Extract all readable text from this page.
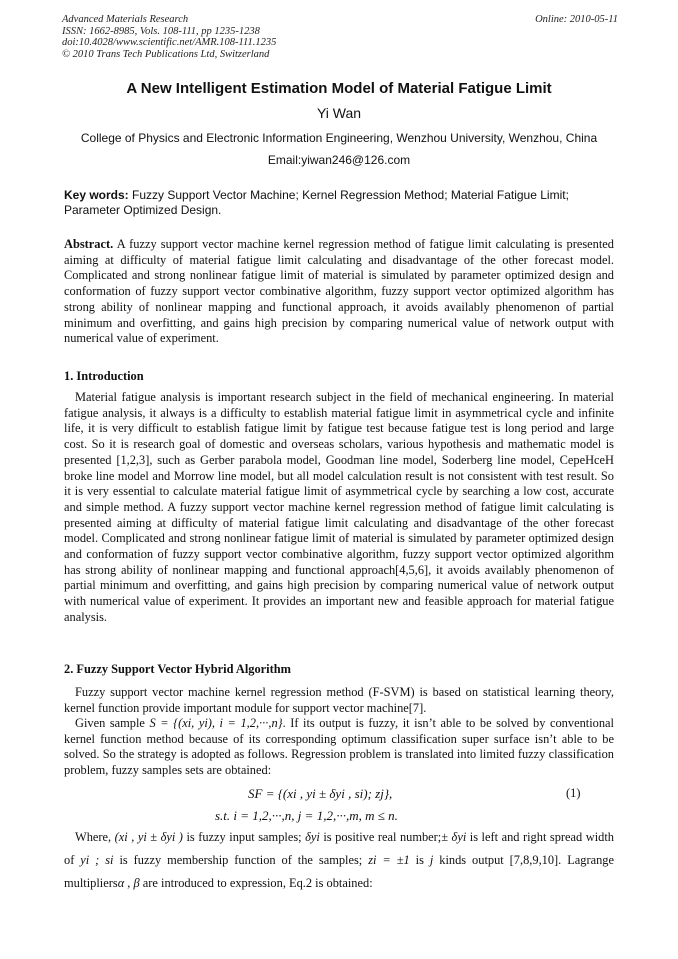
Advanced Materials Research
ISSN: 1662-8985, Vols. 108-111, pp 1235-1238
doi:10.4028/www.scientific.net/AMR.108-111.1235
© 2010 Trans Tech Publications Ltd, Switzerland
Online: 2010-05-11
A New Intelligent Estimation Model of Material Fatigue Limit
Yi Wan
College of Physics and Electronic Information Engineering, Wenzhou University, Wenzhou, China
Email:yiwan246@126.com
Key words: Fuzzy Support Vector Machine; Kernel Regression Method; Material Fatigue Limit; Parameter Optimized Design.
Abstract. A fuzzy support vector machine kernel regression method of fatigue limit calculating is presented aiming at difficulty of material fatigue limit calculating and disadvantage of the other forecast model. Complicated and strong nonlinear fatigue limit of material is simulated by parameter optimized design and conformation of fuzzy support vector combinative algorithm, fuzzy support vector optimized algorithm has strong ability of nonlinear mapping and functional approach, it avoids availably phenomenon of partial minimum and overfitting, and gains high precision by comparing numerical value of network output with numerical value of experiment.
1. Introduction
Material fatigue analysis is important research subject in the field of mechanical engineering. In material fatigue analysis, it always is a difficulty to establish material fatigue limit in asymmetrical cycle and infinite life, it is very difficult to establish fatigue limit by fatigue test because fatigue test is long period and large cost. So it is research goal of domestic and overseas scholars, various hypothesis and mathematic model is presented [1,2,3], such as Gerber parabola model, Goodman line model, Soderberg line model, CepeHceH broke line model and Morrow line model, but all model calculation result is not consistent with test result. So it is very essential to calculate material fatigue limit of asymmetrical cycle by searching a low cost, accurate and simple method. A fuzzy support vector machine kernel regression method of fatigue limit calculating is presented aiming at difficulty of material fatigue limit calculating and disadvantage of the other forecast model. Complicated and strong nonlinear fatigue limit of material is simulated by parameter optimized design and conformation of fuzzy support vector combinative algorithm, fuzzy support vector optimized algorithm has strong ability of nonlinear mapping and functional approach[4,5,6], it avoids availably phenomenon of partial minimum and overfitting, and gains high precision by comparing numerical value of network output with numerical value of experiment. It provides an important new and feasible approach for material fatigue analysis.
2. Fuzzy Support Vector Hybrid Algorithm
Fuzzy support vector machine kernel regression method (F-SVM) is based on statistical learning theory, kernel function provide important module for support vector machine[7].
Given sample S = {(xi, yi), i = 1,2,···,n}. If its output is fuzzy, it isn’t able to be solved by conventional kernel function method because of its corresponding optimum classification super surface isn’t able to be solved. So the strategy is adopted as follows. Regression problem is translated into limited fuzzy classification problem, fuzzy samples sets are obtained:
SF = {(xi , yi ± δyi , si); zj},	(1)
s.t. i = 1,2,···,n, j = 1,2,···,m, m ≤ n.
Where, (xi , yi ± δyi ) is fuzzy input samples; δyi is positive real number;± δyi is left and right spread width of yi ; si is fuzzy membership function of the samples; zi = ±1 is j kinds output [7,8,9,10]. Lagrange multipliersα , β are introduced to expression, Eq.2 is obtained:
